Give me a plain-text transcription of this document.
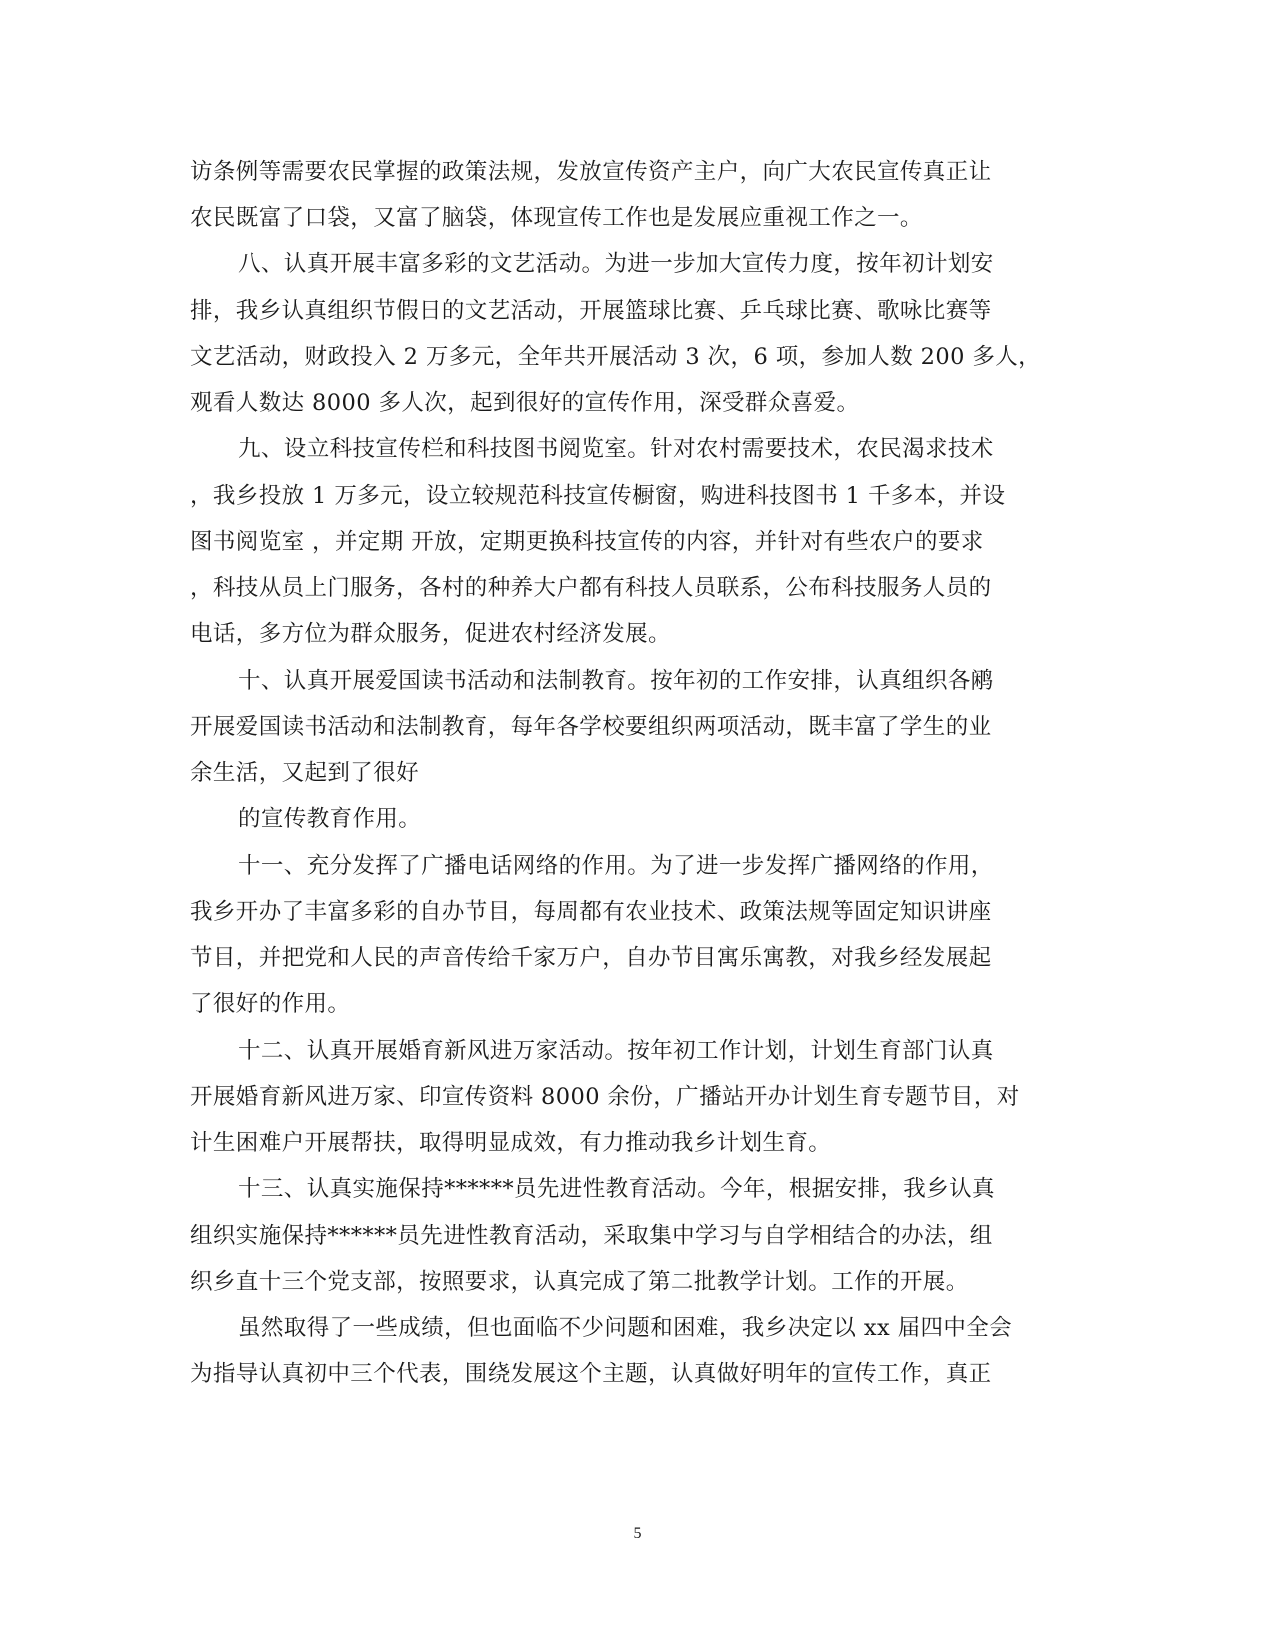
访条例等需要农民掌握的政策法规，发放宣传资产主户，向广大农民宣传真正让
农民既富了口袋，又富了脑袋，体现宣传工作也是发展应重视工作之一。
八、认真开展丰富多彩的文艺活动。为进一步加大宣传力度，按年初计划安
排，我乡认真组织节假日的文艺活动，开展篮球比赛、乒乓球比赛、歌咏比赛等
文艺活动，财政投入 2 万多元，全年共开展活动 3 次，6 项，参加人数 200 多人，
观看人数达 8000 多人次，起到很好的宣传作用，深受群众喜爱。
九、设立科技宣传栏和科技图书阅览室。针对农村需要技术，农民渴求技术
，我乡投放 1 万多元，设立较规范科技宣传橱窗，购进科技图书 1 千多本，并设
图书阅览室 ，并定期 开放，定期更换科技宣传的内容，并针对有些农户的要求
，科技从员上门服务，各村的种养大户都有科技人员联系，公布科技服务人员的
电话，多方位为群众服务，促进农村经济发展。
十、认真开展爱国读书活动和法制教育。按年初的工作安排，认真组织各鹇
开展爱国读书活动和法制教育，每年各学校要组织两项活动，既丰富了学生的业
余生活，又起到了很好
的宣传教育作用。
十一、充分发挥了广播电话网络的作用。为了进一步发挥广播网络的作用，
我乡开办了丰富多彩的自办节目，每周都有农业技术、政策法规等固定知识讲座
节目，并把党和人民的声音传给千家万户，自办节目寓乐寓教，对我乡经发展起
了很好的作用。
十二、认真开展婚育新风进万家活动。按年初工作计划，计划生育部门认真
开展婚育新风进万家、印宣传资料 8000 余份，广播站开办计划生育专题节目，对
计生困难户开展帮扶，取得明显成效，有力推动我乡计划生育。
十三、认真实施保持******员先进性教育活动。今年，根据安排，我乡认真
组织实施保持******员先进性教育活动，采取集中学习与自学相结合的办法，组
织乡直十三个党支部，按照要求，认真完成了第二批教学计划。工作的开展。
虽然取得了一些成绩，但也面临不少问题和困难，我乡决定以 xx 届四中全会
为指导认真初中三个代表，围绕发展这个主题，认真做好明年的宣传工作，真正
5
